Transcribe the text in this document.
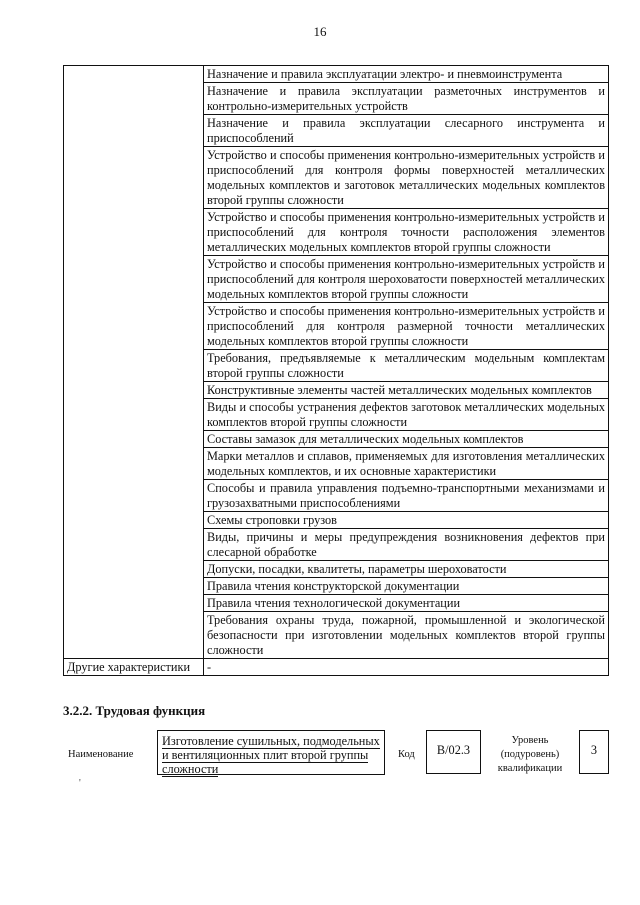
16
	Назначение и правила эксплуатации электро- и пневмоинструмента
	Назначение и правила эксплуатации разметочных инструментов и контрольно-измерительных устройств
	Назначение и правила эксплуатации слесарного инструмента и приспособлений
	Устройство и способы применения контрольно-измерительных устройств и приспособлений для контроля формы поверхностей металлических модельных комплектов и заготовок металлических модельных комплектов второй группы сложности
	Устройство и способы применения контрольно-измерительных устройств и приспособлений для контроля точности расположения элементов металлических модельных комплектов второй группы сложности
	Устройство и способы применения контрольно-измерительных устройств и приспособлений для контроля шероховатости поверхностей металлических модельных комплектов второй группы сложности
	Устройство и способы применения контрольно-измерительных устройств и приспособлений для контроля размерной точности металлических модельных комплектов второй группы сложности
	Требования, предъявляемые к металлическим модельным комплектам второй группы сложности
	Конструктивные элементы частей металлических модельных комплектов
	Виды и способы устранения дефектов заготовок металлических модельных комплектов второй группы сложности
	Составы замазок для металлических модельных комплектов
	Марки металлов и сплавов, применяемых для изготовления металлических модельных комплектов, и их основные характеристики
	Способы и правила управления подъемно-транспортными механизмами и грузозахватными приспособлениями
	Схемы строповки грузов
	Виды, причины и меры предупреждения возникновения дефектов при слесарной обработке
	Допуски, посадки, квалитеты, параметры шероховатости
	Правила чтения конструкторской документации
	Правила чтения технологической документации
	Требования охраны труда, пожарной, промышленной и экологической безопасности при изготовлении модельных комплектов второй группы сложности
Другие характеристики	-
3.2.2. Трудовая функция
Наименование
Изготовление сушильных, подмодельных и вентиляционных плит второй группы сложности
Код	B/02.3
Уровень (подуровень) квалификации
3
'
